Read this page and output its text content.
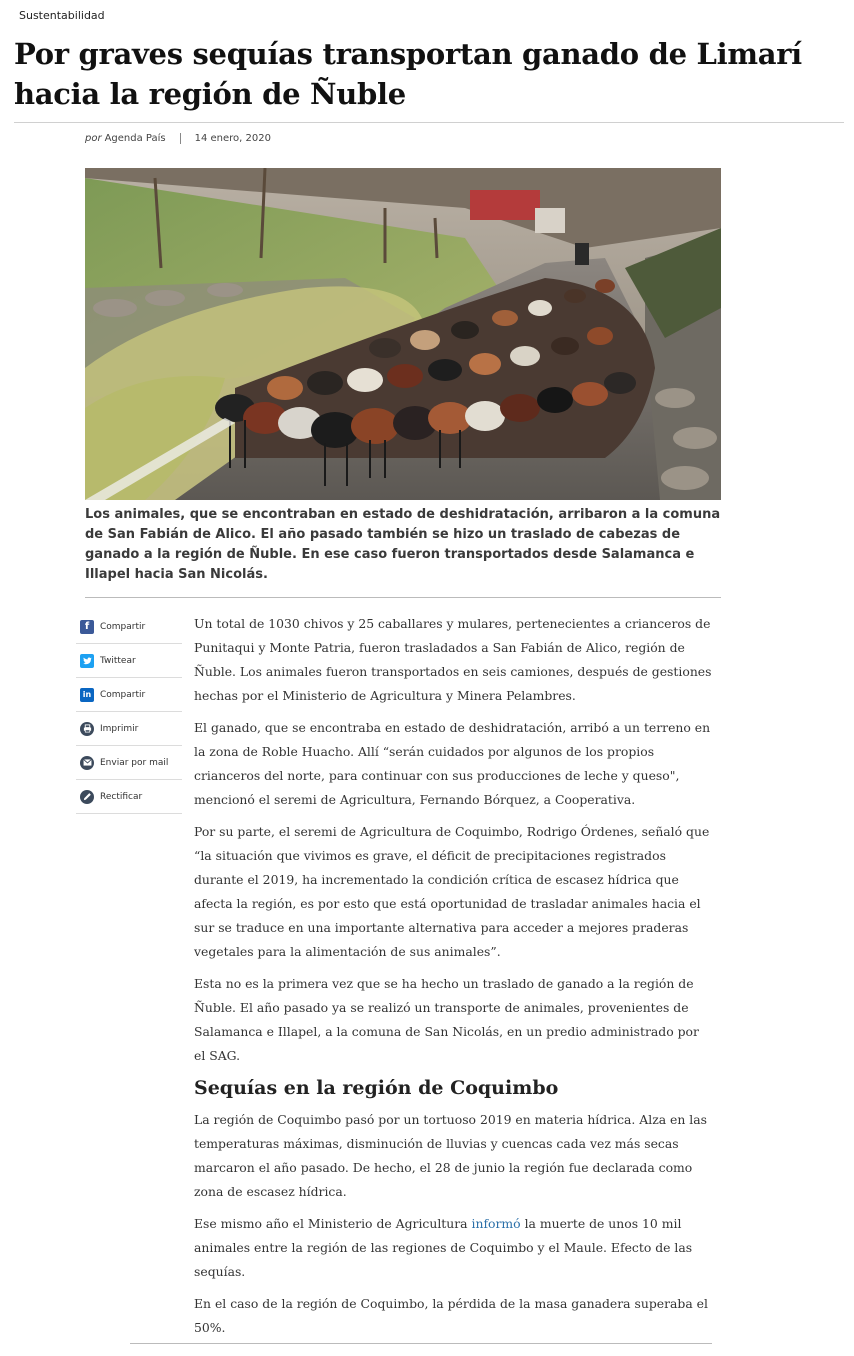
Sustentabilidad
Por graves sequías transportan ganado de Limarí hacia la región de Ñuble
por Agenda País	14 enero, 2020
Los animales, que se encontraban en estado de deshidratación, arribaron a la comuna de San Fabián de Alico. El año pasado también se hizo un traslado de cabezas de ganado a la región de Ñuble. En ese caso fueron transportados desde Salamanca e Illapel hacia San Nicolás.
f	Compartir
Twittear
in Compartir
Imprimir
Enviar por mail
Rectificar

Un total de 1030 chivos y 25 caballares y mulares, pertenecientes a crianceros de Punitaqui y Monte Patria, fueron trasladados a San Fabián de Alico, región de Ñuble. Los animales fueron transportados en seis camiones, después de gestiones hechas por el Ministerio de Agricultura y Minera Pelambres.

El ganado, que se encontraba en estado de deshidratación, arribó a un terreno en la zona de Roble Huacho. Allí “serán cuidados por algunos de los propios crianceros del norte, para continuar con sus producciones de leche y queso", mencionó el seremi de Agricultura, Fernando Bórquez, a Cooperativa.

Por su parte, el seremi de Agricultura de Coquimbo, Rodrigo Órdenes, señaló que “la situación que vivimos es grave, el déficit de precipitaciones registrados durante el 2019, ha incrementado la condición crítica de escasez hídrica que afecta la región, es por esto que está oportunidad de trasladar animales hacia el sur se traduce en una importante alternativa para acceder a mejores praderas vegetales para la alimentación de sus animales”.

Esta no es la primera vez que se ha hecho un traslado de ganado a la región de Ñuble. El año pasado ya se realizó un transporte de animales, provenientes de Salamanca e Illapel, a la comuna de San Nicolás, en un predio administrado por el SAG.

Sequías en la región de Coquimbo

La región de Coquimbo pasó por un tortuoso 2019 en materia hídrica. Alza en las temperaturas máximas, disminución de lluvias y cuencas cada vez más secas marcaron el año pasado. De hecho, el 28 de junio la región fue declarada como zona de escasez hídrica.

Ese mismo año el Ministerio de Agricultura informó la muerte de unos 10 mil animales entre la región de las regiones de Coquimbo y el Maule. Efecto de las sequías.

En el caso de la región de Coquimbo, la pérdida de la masa ganadera superaba el 50%.
